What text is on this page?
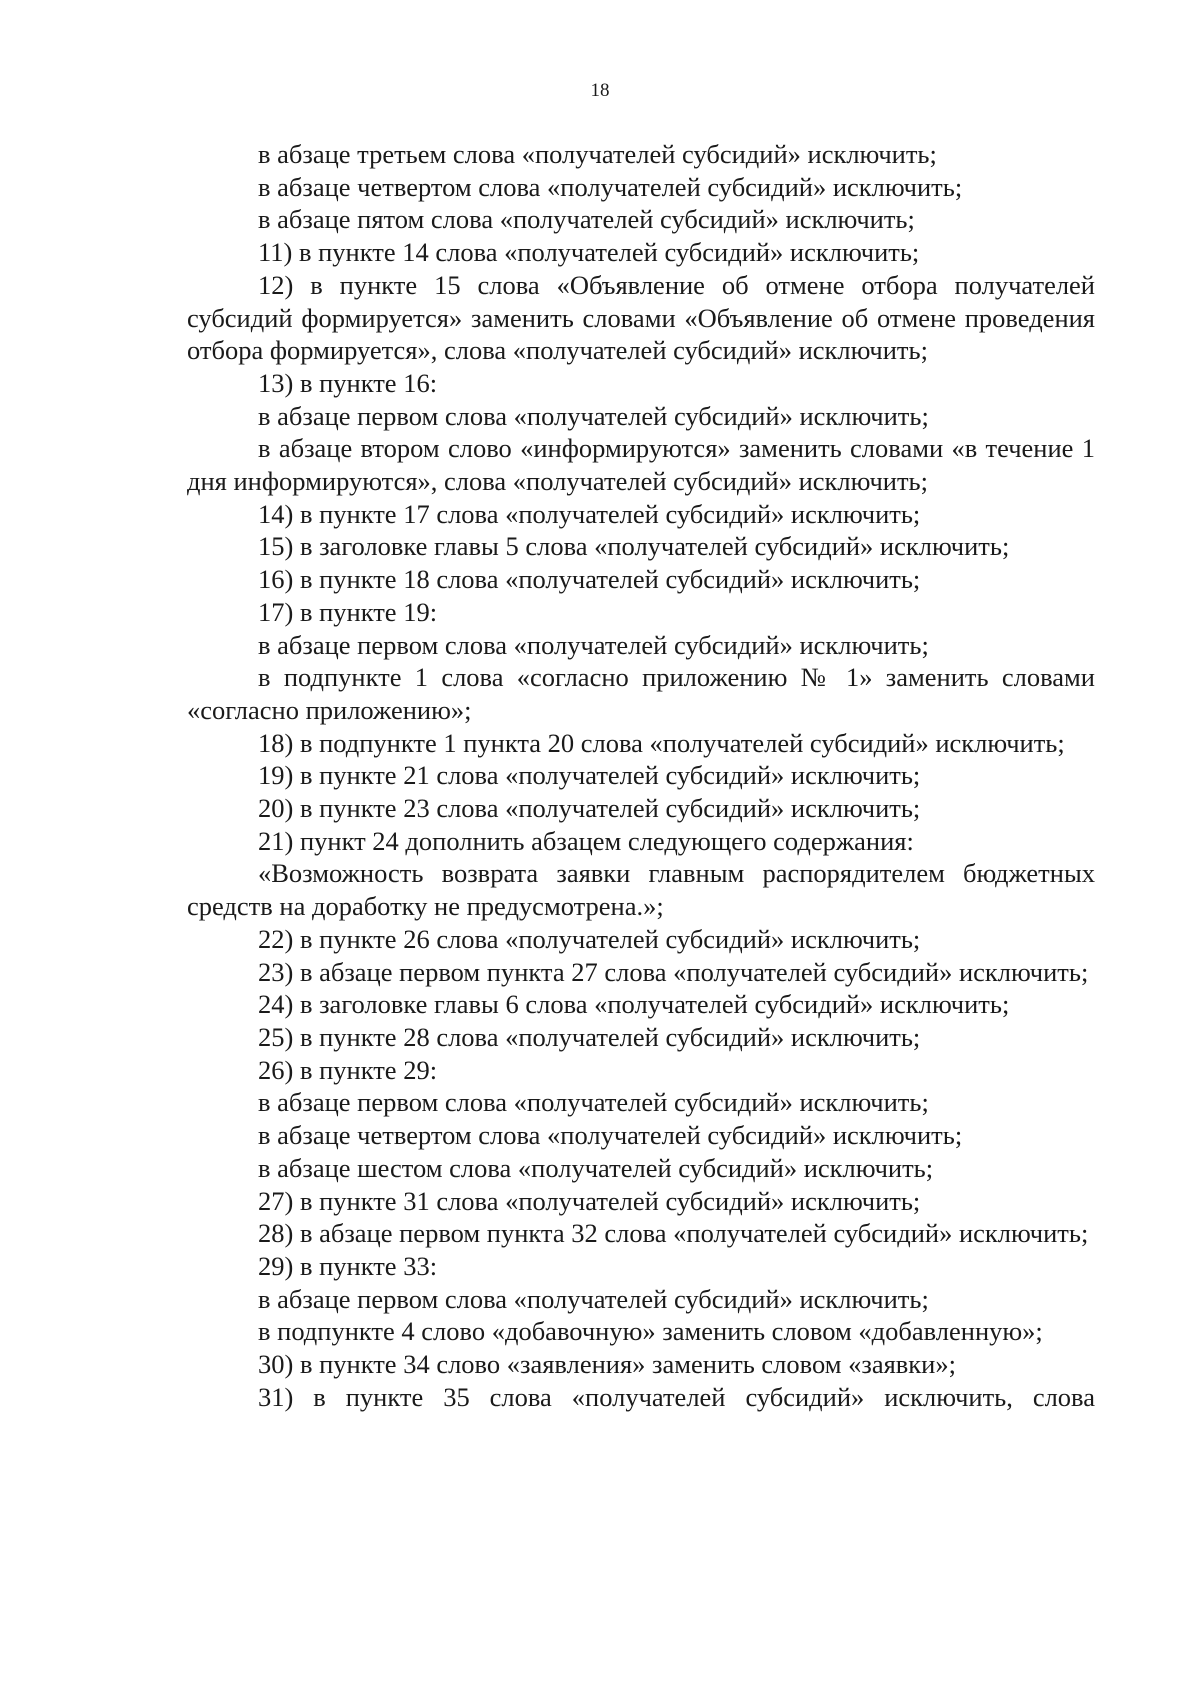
18

в абзаце третьем слова «получателей субсидий» исключить;

в абзаце четвертом слова «получателей субсидий» исключить;

в абзаце пятом слова «получателей субсидий» исключить;

11) в пункте 14 слова «получателей субсидий» исключить;

12) в пункте 15 слова «Объявление об отмене отбора получателей субсидий формируется» заменить словами «Объявление об отмене проведения отбора формируется», слова «получателей субсидий» исключить;

13) в пункте 16:

в абзаце первом слова «получателей субсидий» исключить;

в абзаце втором слово «информируются» заменить словами «в течение 1 дня информируются», слова «получателей субсидий» исключить;

14) в пункте 17 слова «получателей субсидий» исключить;

15) в заголовке главы 5 слова «получателей субсидий» исключить;

16) в пункте 18 слова «получателей субсидий» исключить;

17) в пункте 19:

в абзаце первом слова «получателей субсидий» исключить;

в подпункте 1 слова «согласно приложению № 1» заменить словами «согласно приложению»;

18) в подпункте 1 пункта 20 слова «получателей субсидий» исключить;

19) в пункте 21 слова «получателей субсидий» исключить;

20) в пункте 23 слова «получателей субсидий» исключить;

21) пункт 24 дополнить абзацем следующего содержания:

«Возможность возврата заявки главным распорядителем бюджетных средств на доработку не предусмотрена.»;

22) в пункте 26 слова «получателей субсидий» исключить;

23) в абзаце первом пункта 27 слова «получателей субсидий» исключить;

24) в заголовке главы 6 слова «получателей субсидий» исключить;

25) в пункте 28 слова «получателей субсидий» исключить;

26) в пункте 29:

в абзаце первом слова «получателей субсидий» исключить;

в абзаце четвертом слова «получателей субсидий» исключить;

в абзаце шестом слова «получателей субсидий» исключить;

27) в пункте 31 слова «получателей субсидий» исключить;

28) в абзаце первом пункта 32 слова «получателей субсидий» исключить;

29) в пункте 33:

в абзаце первом слова «получателей субсидий» исключить;

в подпункте 4 слово «добавочную» заменить словом «добавленную»;

30) в пункте 34 слово «заявления» заменить словом «заявки»;

31) в пункте 35 слова «получателей субсидий» исключить, слова
